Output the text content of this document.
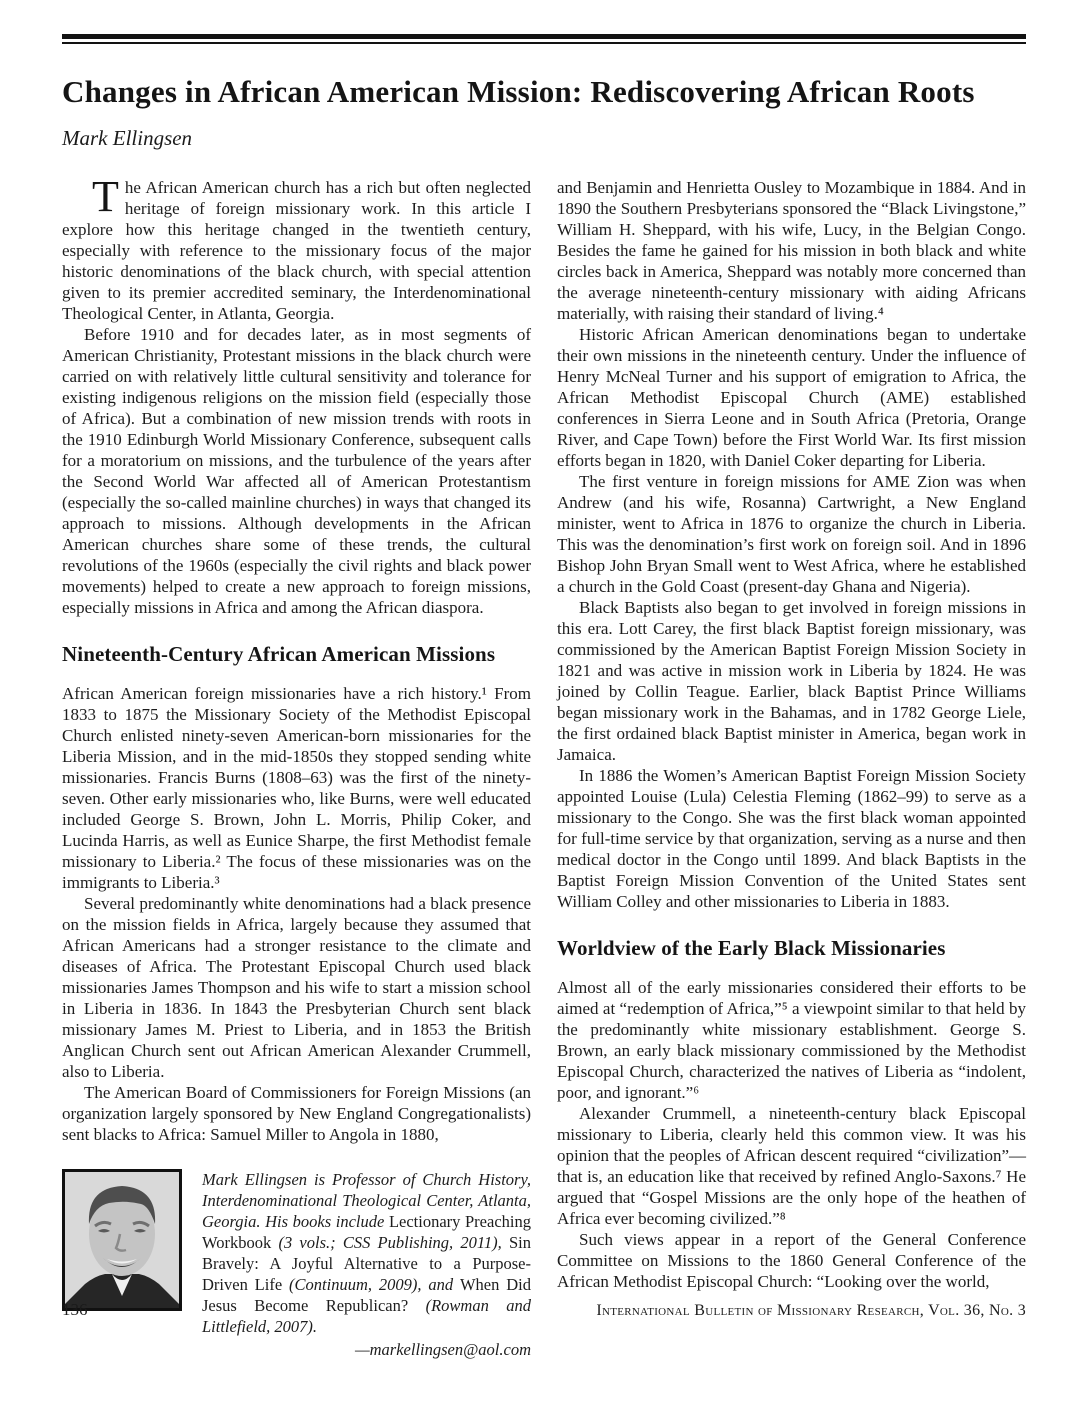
Changes in African American Mission: Rediscovering African Roots
Mark Ellingsen

The African American church has a rich but often neglected heritage of foreign missionary work. In this article I explore how this heritage changed in the twentieth century, especially with reference to the missionary focus of the major historic denominations of the black church, with special attention given to its premier accredited seminary, the Interdenominational Theological Center, in Atlanta, Georgia.

Before 1910 and for decades later, as in most segments of American Christianity, Protestant missions in the black church were carried on with relatively little cultural sensitivity and tolerance for existing indigenous religions on the mission field (especially those of Africa). But a combination of new mission trends with roots in the 1910 Edinburgh World Missionary Conference, subsequent calls for a moratorium on missions, and the turbulence of the years after the Second World War affected all of American Protestantism (especially the so-called mainline churches) in ways that changed its approach to missions. Although developments in the African American churches share some of these trends, the cultural revolutions of the 1960s (especially the civil rights and black power movements) helped to create a new approach to foreign missions, especially missions in Africa and among the African diaspora.

Nineteenth-Century African American Missions

African American foreign missionaries have a rich history.¹ From 1833 to 1875 the Missionary Society of the Methodist Episcopal Church enlisted ninety-seven American-born missionaries for the Liberia Mission, and in the mid-1850s they stopped sending white missionaries. Francis Burns (1808–63) was the first of the ninety-seven. Other early missionaries who, like Burns, were well educated included George S. Brown, John L. Morris, Philip Coker, and Lucinda Harris, as well as Eunice Sharpe, the first Methodist female missionary to Liberia.² The focus of these missionaries was on the immigrants to Liberia.³

Several predominantly white denominations had a black presence on the mission fields in Africa, largely because they assumed that African Americans had a stronger resistance to the climate and diseases of Africa. The Protestant Episcopal Church used black missionaries James Thompson and his wife to start a mission school in Liberia in 1836. In 1843 the Presbyterian Church sent black missionary James M. Priest to Liberia, and in 1853 the British Anglican Church sent out African American Alexander Crummell, also to Liberia.

The American Board of Commissioners for Foreign Missions (an organization largely sponsored by New England Congregationalists) sent blacks to Africa: Samuel Miller to Angola in 1880,

Mark Ellingsen is Professor of Church History, Interdenominational Theological Center, Atlanta, Georgia. His books include Lectionary Preaching Workbook (3 vols.; CSS Publishing, 2011), Sin Bravely: A Joyful Alternative to a Purpose-Driven Life (Continuum, 2009), and When Did Jesus Become Republican? (Rowman and Littlefield, 2007).
—markellingsen@aol.com

and Benjamin and Henrietta Ousley to Mozambique in 1884. And in 1890 the Southern Presbyterians sponsored the “Black Livingstone,” William H. Sheppard, with his wife, Lucy, in the Belgian Congo. Besides the fame he gained for his mission in both black and white circles back in America, Sheppard was notably more concerned than the average nineteenth-century missionary with aiding Africans materially, with raising their standard of living.⁴

Historic African American denominations began to undertake their own missions in the nineteenth century. Under the influence of Henry McNeal Turner and his support of emigration to Africa, the African Methodist Episcopal Church (AME) established conferences in Sierra Leone and in South Africa (Pretoria, Orange River, and Cape Town) before the First World War. Its first mission efforts began in 1820, with Daniel Coker departing for Liberia.

The first venture in foreign missions for AME Zion was when Andrew (and his wife, Rosanna) Cartwright, a New England minister, went to Africa in 1876 to organize the church in Liberia. This was the denomination’s first work on foreign soil. And in 1896 Bishop John Bryan Small went to West Africa, where he established a church in the Gold Coast (present-day Ghana and Nigeria).

Black Baptists also began to get involved in foreign missions in this era. Lott Carey, the first black Baptist foreign missionary, was commissioned by the American Baptist Foreign Mission Society in 1821 and was active in mission work in Liberia by 1824. He was joined by Collin Teague. Earlier, black Baptist Prince Williams began missionary work in the Bahamas, and in 1782 George Liele, the first ordained black Baptist minister in America, began work in Jamaica.

In 1886 the Women’s American Baptist Foreign Mission Society appointed Louise (Lula) Celestia Fleming (1862–99) to serve as a missionary to the Congo. She was the first black woman appointed for full-time service by that organization, serving as a nurse and then medical doctor in the Congo until 1899. And black Baptists in the Baptist Foreign Mission Convention of the United States sent William Colley and other missionaries to Liberia in 1883.

Worldview of the Early Black Missionaries

Almost all of the early missionaries considered their efforts to be aimed at “redemption of Africa,”⁵ a viewpoint similar to that held by the predominantly white missionary establishment. George S. Brown, an early black missionary commissioned by the Methodist Episcopal Church, characterized the natives of Liberia as “indolent, poor, and ignorant.”⁶

Alexander Crummell, a nineteenth-century black Episcopal missionary to Liberia, clearly held this common view. It was his opinion that the peoples of African descent required “civilization”—that is, an education like that received by refined Anglo-Saxons.⁷ He argued that “Gospel Missions are the only hope of the heathen of Africa ever becoming civilized.”⁸

Such views appear in a report of the General Conference Committee on Missions to the 1860 General Conference of the African Methodist Episcopal Church: “Looking over the world,

136	International Bulletin of Missionary Research, Vol. 36, No. 3
